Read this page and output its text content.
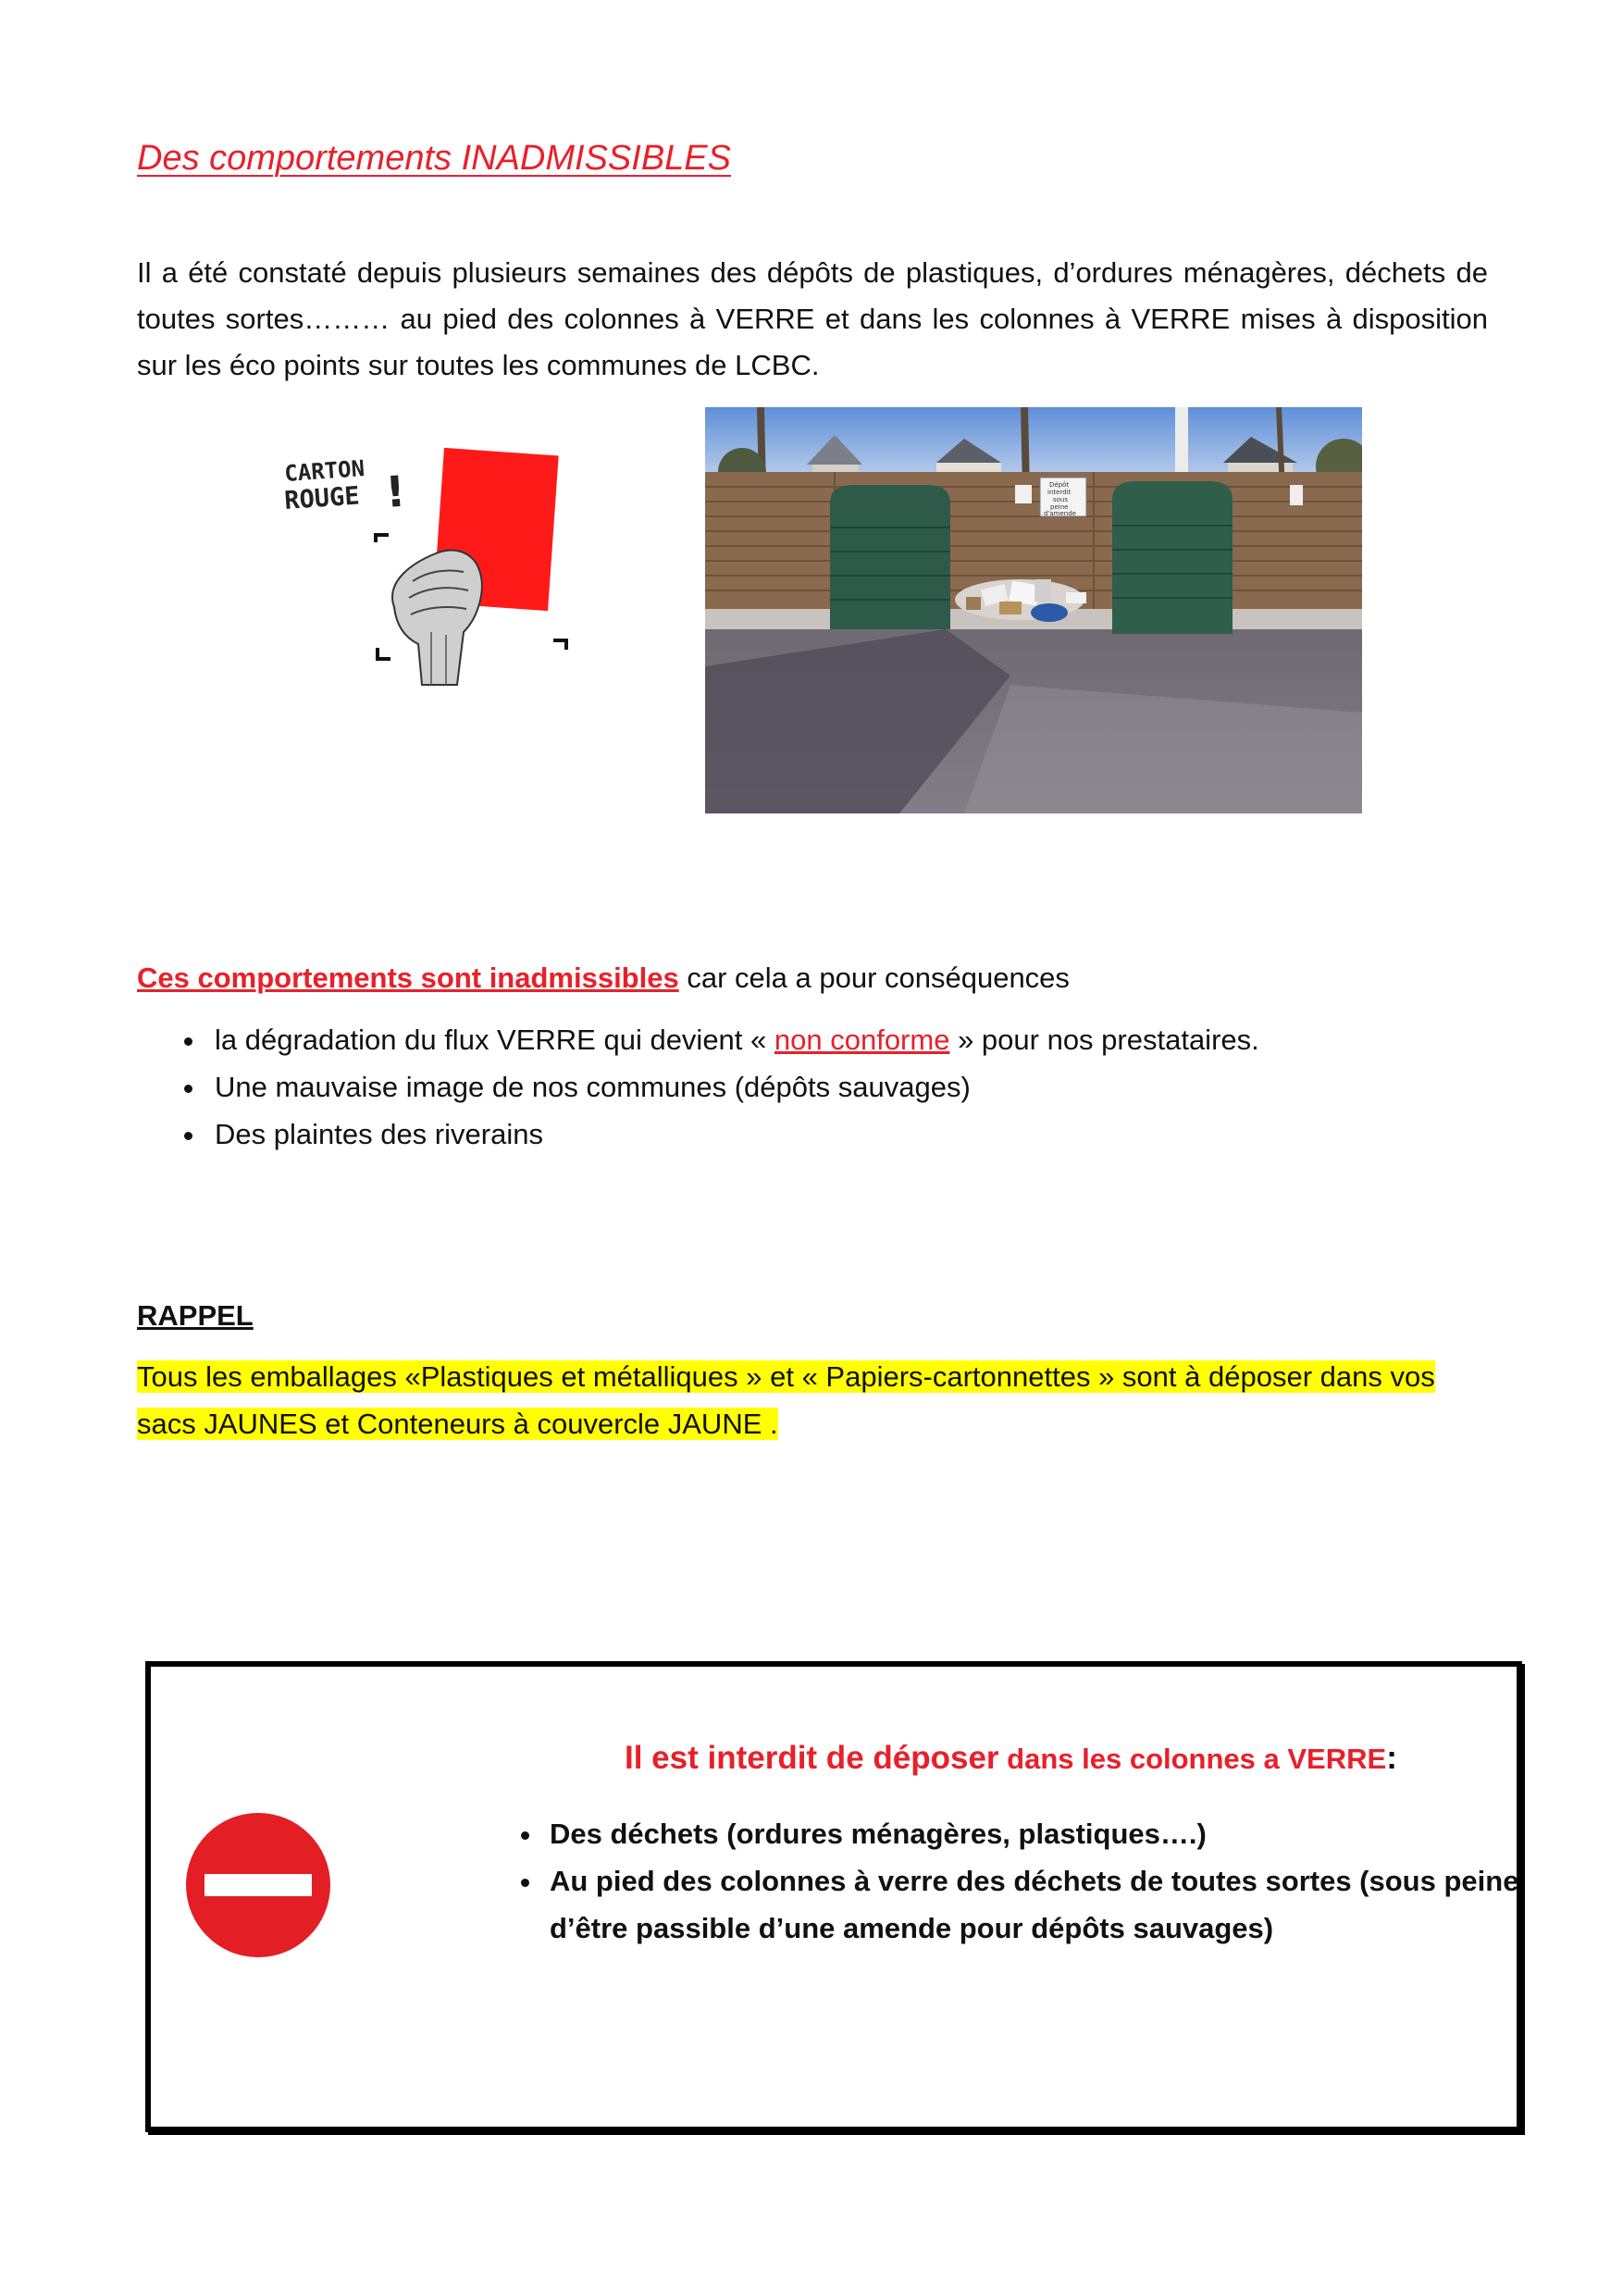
Des comportements INADMISSIBLES
Il a été constaté depuis plusieurs semaines des dépôts de plastiques, d’ordures ménagères, déchets de toutes sortes……… au pied des colonnes à VERRE et dans les colonnes à VERRE mises à disposition sur les éco points sur toutes les communes de LCBC.
CARTON
ROUGE !	Dépôt
interdit
sous
peine
d'amende
Ces comportements sont inadmissibles car cela a pour conséquences
• la dégradation du flux VERRE qui devient « non conforme » pour nos prestataires.
• Une mauvaise image de nos communes (dépôts sauvages)
• Des plaintes des riverains
RAPPEL
Tous les emballages «Plastiques et métalliques » et « Papiers-cartonnettes » sont à déposer dans vos sacs JAUNES et Conteneurs à couvercle JAUNE .
Il est interdit de déposer dans les colonnes a VERRE:
• Des déchets (ordures ménagères, plastiques….)
• Au pied des colonnes à verre des déchets de toutes sortes (sous peine d’être passible d’une amende pour dépôts sauvages)
